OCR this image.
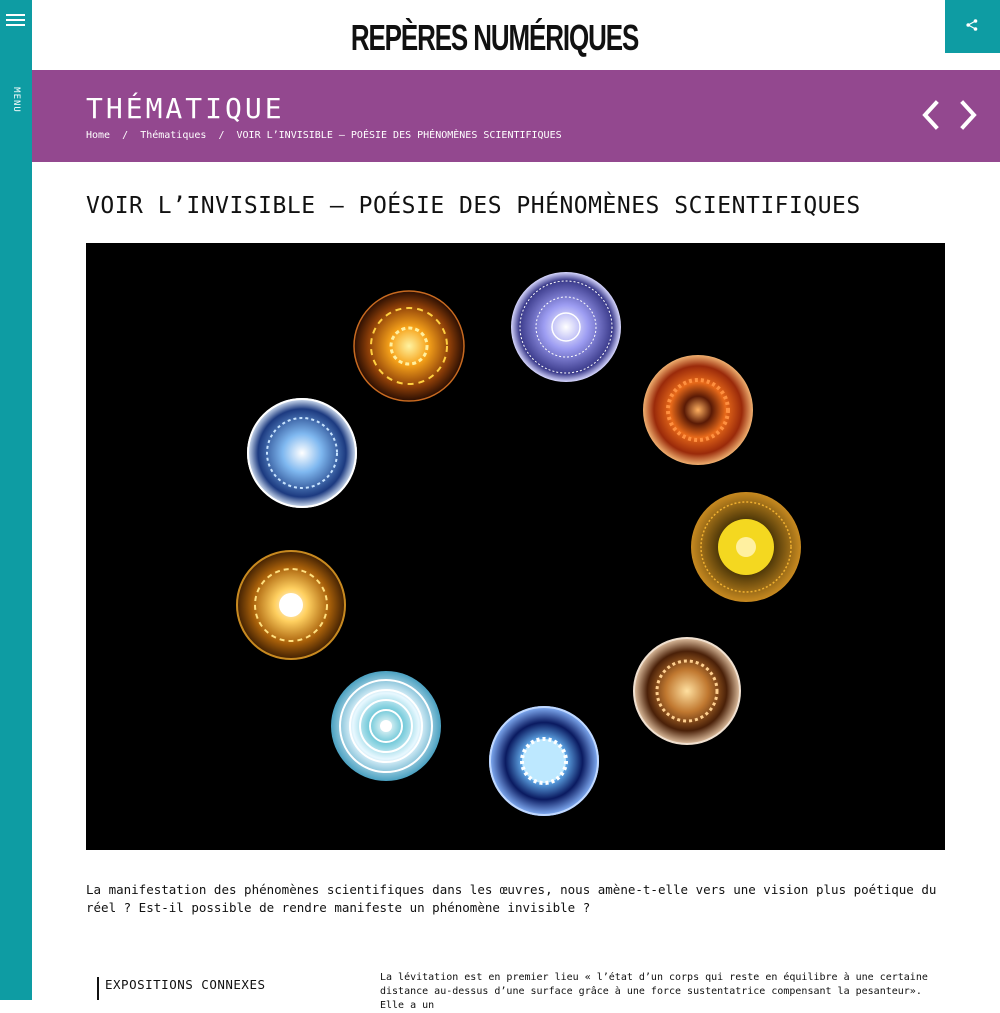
MENU
REPÈRES NUMÉRIQUES
THÉMATIQUE
Home / Thématiques / VOIR L’INVISIBLE — POÉSIE DES PHÉNOMÈNES SCIENTIFIQUES
VOIR L’INVISIBLE — POÉSIE DES PHÉNOMÈNES SCIENTIFIQUES

La manifestation des phénomènes scientifiques dans les œuvres, nous amène-t-elle vers une vision plus poétique du réel ? Est-il possible de rendre manifeste un phénomène invisible ?

EXPOSITIONS CONNEXES	La lévitation est en premier lieu « l’état d’un corps qui reste en équilibre à une certaine distance au-dessus d’une surface grâce à une force sustentatrice compensant la pesanteur». Elle a un
